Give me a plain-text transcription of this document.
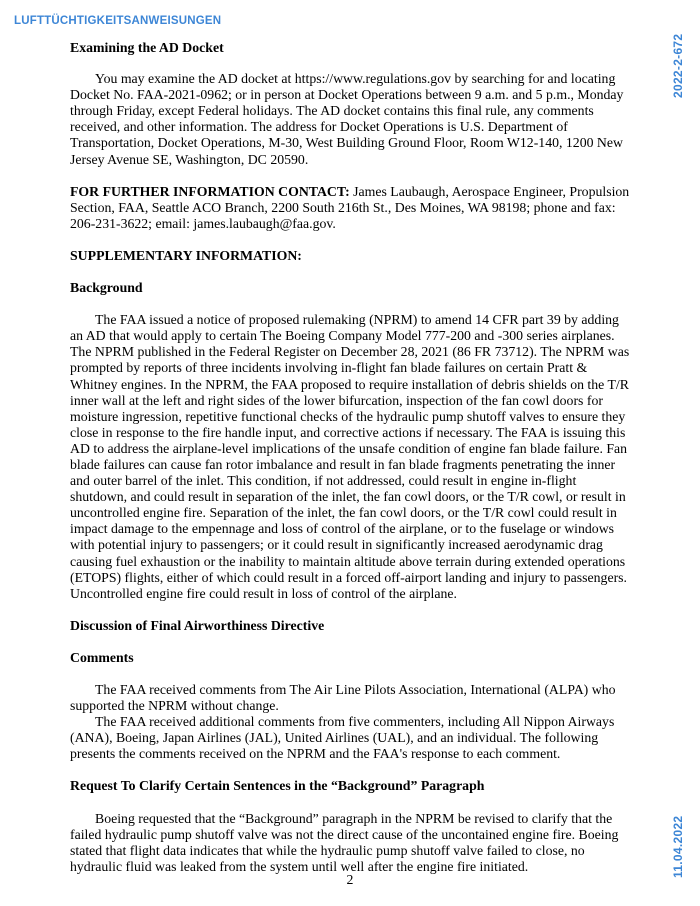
LUFTTÜCHTIGKEITSANWEISUNGEN
2022-2-672
11.04.2022

Examining the AD Docket

You may examine the AD docket at https://www.regulations.gov by searching for and locating Docket No. FAA-2021-0962; or in person at Docket Operations between 9 a.m. and 5 p.m., Monday through Friday, except Federal holidays. The AD docket contains this final rule, any comments received, and other information. The address for Docket Operations is U.S. Department of Transportation, Docket Operations, M-30, West Building Ground Floor, Room W12-140, 1200 New Jersey Avenue SE, Washington, DC 20590.

FOR FURTHER INFORMATION CONTACT: James Laubaugh, Aerospace Engineer, Propulsion Section, FAA, Seattle ACO Branch, 2200 South 216th St., Des Moines, WA 98198; phone and fax: 206-231-3622; email: james.laubaugh@faa.gov.

SUPPLEMENTARY INFORMATION:

Background

The FAA issued a notice of proposed rulemaking (NPRM) to amend 14 CFR part 39 by adding an AD that would apply to certain The Boeing Company Model 777-200 and -300 series airplanes. The NPRM published in the Federal Register on December 28, 2021 (86 FR 73712). The NPRM was prompted by reports of three incidents involving in-flight fan blade failures on certain Pratt & Whitney engines. In the NPRM, the FAA proposed to require installation of debris shields on the T/R inner wall at the left and right sides of the lower bifurcation, inspection of the fan cowl doors for moisture ingression, repetitive functional checks of the hydraulic pump shutoff valves to ensure they close in response to the fire handle input, and corrective actions if necessary. The FAA is issuing this AD to address the airplane-level implications of the unsafe condition of engine fan blade failure. Fan blade failures can cause fan rotor imbalance and result in fan blade fragments penetrating the inner and outer barrel of the inlet. This condition, if not addressed, could result in engine in-flight shutdown, and could result in separation of the inlet, the fan cowl doors, or the T/R cowl, or result in uncontrolled engine fire. Separation of the inlet, the fan cowl doors, or the T/R cowl could result in impact damage to the empennage and loss of control of the airplane, or to the fuselage or windows with potential injury to passengers; or it could result in significantly increased aerodynamic drag causing fuel exhaustion or the inability to maintain altitude above terrain during extended operations (ETOPS) flights, either of which could result in a forced off-airport landing and injury to passengers. Uncontrolled engine fire could result in loss of control of the airplane.

Discussion of Final Airworthiness Directive

Comments

The FAA received comments from The Air Line Pilots Association, International (ALPA) who supported the NPRM without change.

The FAA received additional comments from five commenters, including All Nippon Airways (ANA), Boeing, Japan Airlines (JAL), United Airlines (UAL), and an individual. The following presents the comments received on the NPRM and the FAA's response to each comment.

Request To Clarify Certain Sentences in the “Background” Paragraph

Boeing requested that the “Background” paragraph in the NPRM be revised to clarify that the failed hydraulic pump shutoff valve was not the direct cause of the uncontained engine fire. Boeing stated that flight data indicates that while the hydraulic pump shutoff valve failed to close, no hydraulic fluid was leaked from the system until well after the engine fire initiated.

2
